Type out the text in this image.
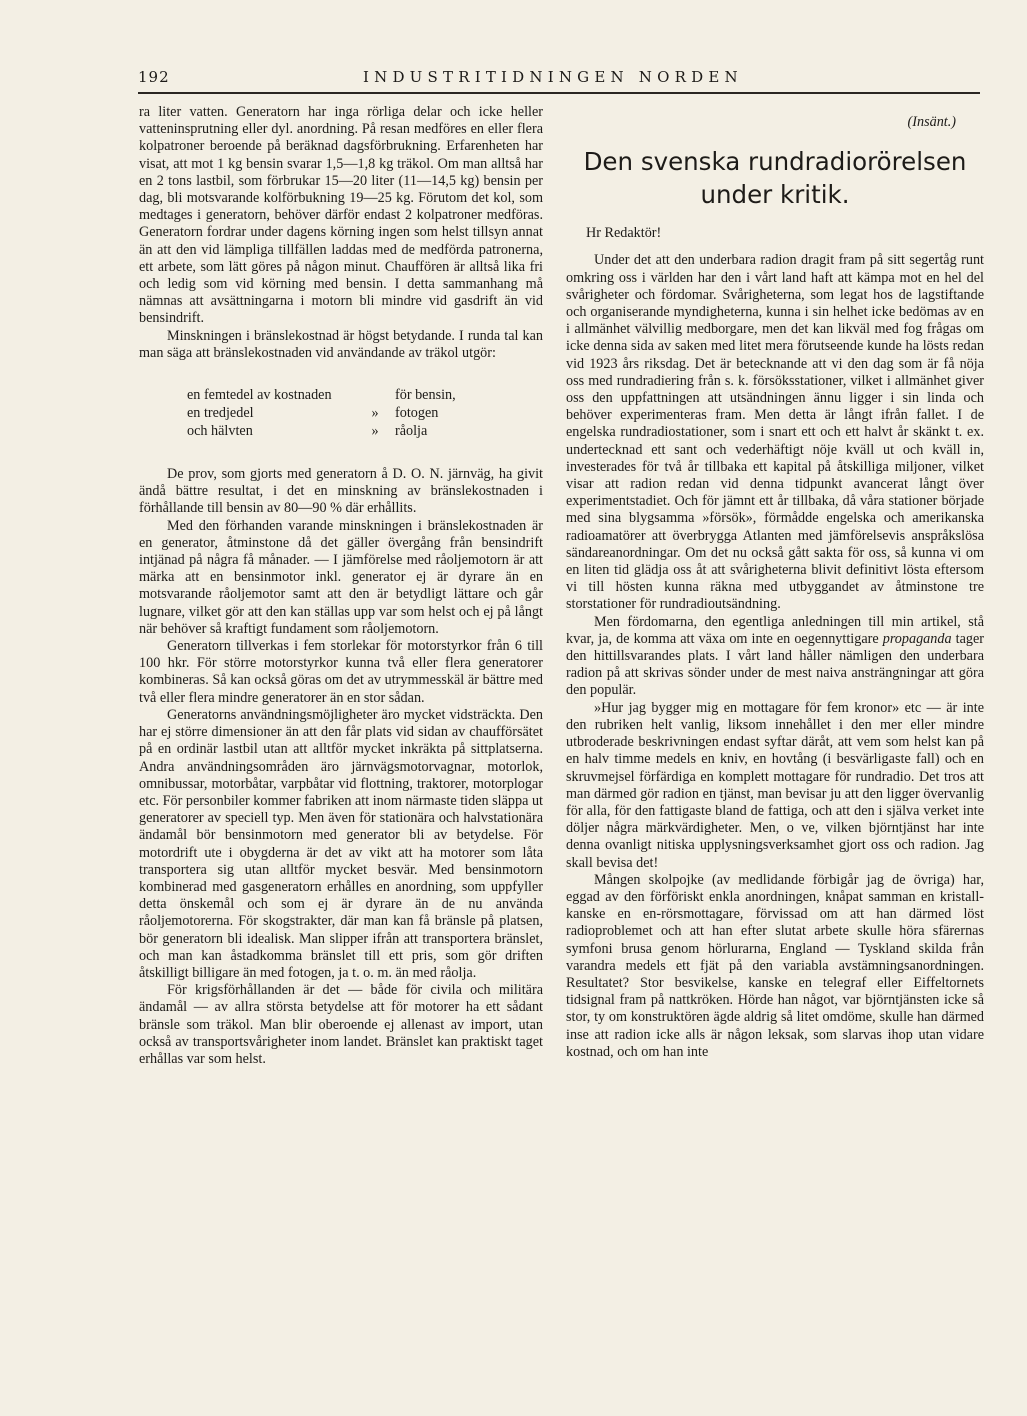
192	INDUSTRITIDNINGEN NORDEN

ra liter vatten. Generatorn har inga rörliga delar och icke heller vatteninsprutning eller dyl. anordning. På resan medföres en eller flera kolpatroner beroende på beräknad dagsförbrukning. Erfarenheten har visat, att mot 1 kg bensin svarar 1,5—1,8 kg träkol. Om man alltså har en 2 tons lastbil, som förbrukar 15—20 liter (11—14,5 kg) bensin per dag, bli motsvarande kolförbukning 19—25 kg. Förutom det kol, som medtages i generatorn, behöver därför endast 2 kolpatroner medföras. Generatorn fordrar under dagens körning ingen som helst tillsyn annat än att den vid lämpliga tillfällen laddas med de medförda patronerna, ett arbete, som lätt göres på någon minut. Chauffören är alltså lika fri och ledig som vid körning med bensin. I detta sammanhang må nämnas att avsättningarna i motorn bli mindre vid gasdrift än vid bensindrift.

Minskningen i bränslekostnad är högst betydande. I runda tal kan man säga att bränslekostnaden vid användande av träkol utgör:

en femtedel av kostnaden	för bensin,
en tredjedel	»	fotogen
och hälvten	»	råolja

De prov, som gjorts med generatorn å D. O. N. järnväg, ha givit ändå bättre resultat, i det en minskning av bränslekostnaden i förhållande till bensin av 80—90 % där erhållits.

Med den förhanden varande minskningen i bränslekostnaden är en generator, åtminstone då det gäller övergång från bensindrift intjänad på några få månader. — I jämförelse med råoljemotorn är att märka att en bensinmotor inkl. generator ej är dyrare än en motsvarande råoljemotor samt att den är betydligt lättare och går lugnare, vilket gör att den kan ställas upp var som helst och ej på långt när behöver så kraftigt fundament som råoljemotorn.

Generatorn tillverkas i fem storlekar för motorstyrkor från 6 till 100 hkr. För större motorstyrkor kunna två eller flera generatorer kombineras. Så kan också göras om det av utrymmesskäl är bättre med två eller flera mindre generatorer än en stor sådan.

Generatorns användningsmöjligheter äro mycket vidsträckta. Den har ej större dimensioner än att den får plats vid sidan av chaufförsätet på en ordinär lastbil utan att alltför mycket inkräkta på sittplatserna. Andra användningsområden äro järnvägsmotorvagnar, motorlok, omnibussar, motorbåtar, varpbåtar vid flottning, traktorer, motorplogar etc. För personbiler kommer fabriken att inom närmaste tiden släppa ut generatorer av speciell typ. Men även för stationära och halvstationära ändamål bör bensinmotorn med generator bli av betydelse. För motordrift ute i obygderna är det av vikt att ha motorer som låta transportera sig utan alltför mycket besvär. Med bensinmotorn kombinerad med gasgeneratorn erhålles en anordning, som uppfyller detta önskemål och som ej är dyrare än de nu använda råoljemotorerna. För skogstrakter, där man kan få bränsle på platsen, bör generatorn bli idealisk. Man slipper ifrån att transportera bränslet, och man kan åstadkomma bränslet till ett pris, som gör driften åtskilligt billigare än med fotogen, ja t. o. m. än med råolja.

För krigsförhållanden är det — både för civila och militära ändamål — av allra största betydelse att för motorer ha ett sådant bränsle som träkol. Man blir oberoende ej allenast av import, utan också av transportsvårigheter inom landet. Bränslet kan praktiskt taget erhållas var som helst.

(Insänt.)
Den svenska rundradiorörelsen
under kritik.
Hr Redaktör!

Under det att den underbara radion dragit fram på sitt segertåg runt omkring oss i världen har den i vårt land haft att kämpa mot en hel del svårigheter och fördomar. Svårigheterna, som legat hos de lagstiftande och organiserande myndigheterna, kunna i sin helhet icke bedömas av en i allmänhet välvillig medborgare, men det kan likväl med fog frågas om icke denna sida av saken med litet mera förutseende kunde ha lösts redan vid 1923 års riksdag. Det är betecknande att vi den dag som är få nöja oss med rundradiering från s. k. försöksstationer, vilket i allmänhet giver oss den uppfattningen att utsändningen ännu ligger i sin linda och behöver experimenteras fram. Men detta är långt ifrån fallet. I de engelska rundradiostationer, som i snart ett och ett halvt år skänkt t. ex. undertecknad ett sant och vederhäftigt nöje kväll ut och kväll in, investerades för två år tillbaka ett kapital på åtskilliga miljoner, vilket visar att radion redan vid denna tidpunkt avancerat långt över experimentstadiet. Och för jämnt ett år tillbaka, då våra stationer började med sina blygsamma »försök», förmådde engelska och amerikanska radioamatörer att överbrygga Atlanten med jämförelsevis anspråkslösa sändareanordningar. Om det nu också gått sakta för oss, så kunna vi om en liten tid glädja oss åt att svårigheterna blivit definitivt lösta eftersom vi till hösten kunna räkna med utbyggandet av åtminstone tre storstationer för rundradioutsändning.

Men fördomarna, den egentliga anledningen till min artikel, stå kvar, ja, de komma att växa om inte en oegennyttigare propaganda tager den hittillsvarandes plats. I vårt land håller nämligen den underbara radion på att skrivas sönder under de mest naiva ansträngningar att göra den populär.

»Hur jag bygger mig en mottagare för fem kronor» etc — är inte den rubriken helt vanlig, liksom innehållet i den mer eller mindre utbroderade beskrivningen endast syftar däråt, att vem som helst kan på en halv timme medels en kniv, en hovtång (i besvärligaste fall) och en skruvmejsel förfärdiga en komplett mottagare för rundradio. Det tros att man därmed gör radion en tjänst, man bevisar ju att den ligger övervanlig för alla, för den fattigaste bland de fattiga, och att den i själva verket inte döljer några märkvärdigheter. Men, o ve, vilken björntjänst har inte denna ovanligt nitiska upplysningsverksamhet gjort oss och radion. Jag skall bevisa det!

Mången skolpojke (av medlidande förbigår jag de övriga) har, eggad av den förföriskt enkla anordningen, knåpat samman en kristall- kanske en en-rörsmottagare, förvissad om att han därmed löst radioproblemet och att han efter slutat arbete skulle höra sfärernas symfoni brusa genom hörlurarna, England — Tyskland skilda från varandra medels ett fjät på den variabla avstämningsanordningen. Resultatet? Stor besvikelse, kanske en telegraf eller Eiffeltornets tidsignal fram på nattkröken. Hörde han något, var björntjänsten icke så stor, ty om konstruktören ägde aldrig så litet omdöme, skulle han därmed inse att radion icke alls är någon leksak, som slarvas ihop utan vidare kostnad, och om han inte
